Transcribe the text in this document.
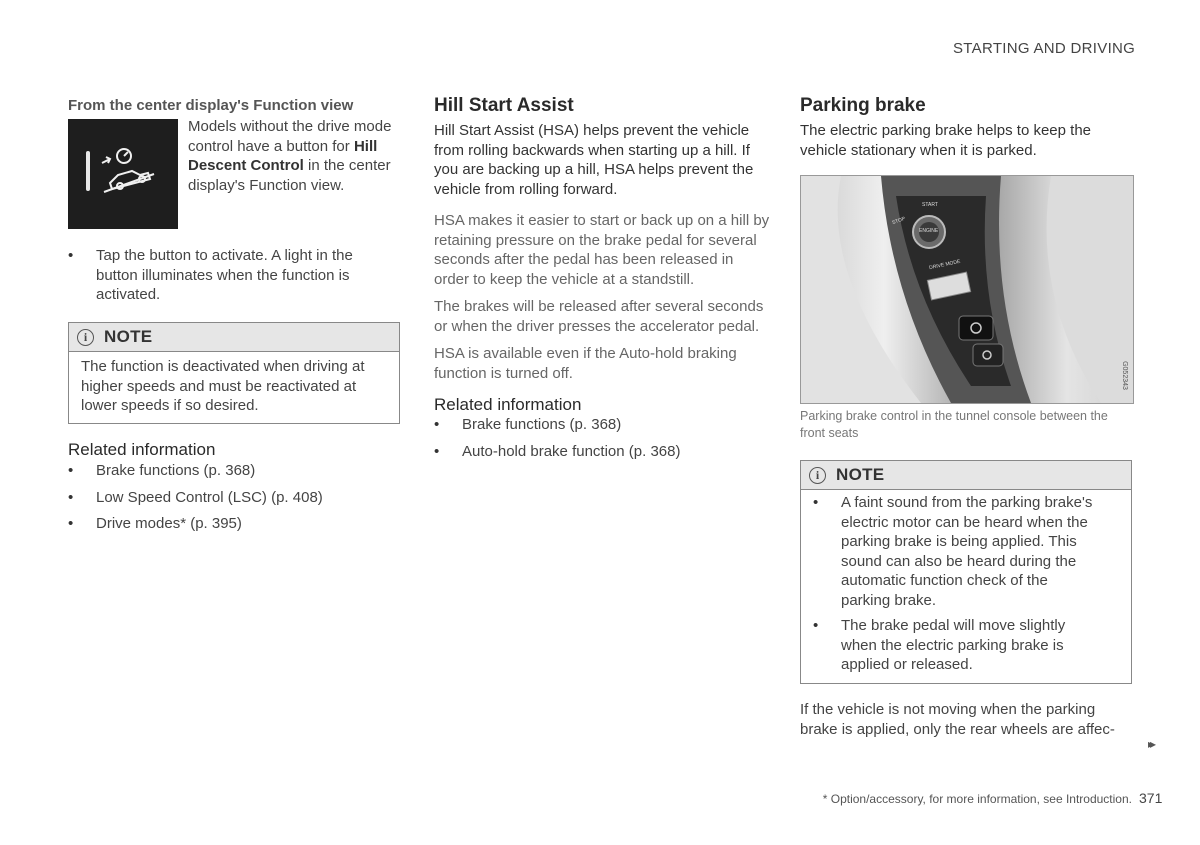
STARTING AND DRIVING
From the center display's Function view
Models without the drive mode control have a button for Hill Descent Control in the center display's Function view.
• Tap the button to activate. A light in the button illuminates when the function is activated.
i NOTE

The function is deactivated when driving at higher speeds and must be reactivated at lower speeds if so desired.

Related information
• Brake functions (p. 368)
• Low Speed Control (LSC) (p. 408)
• Drive modes* (p. 395)
Hill Start Assist

Hill Start Assist (HSA) helps prevent the vehicle from rolling backwards when starting up a hill. If you are backing up a hill, HSA helps prevent the vehicle from rolling forward.

HSA makes it easier to start or back up on a hill by retaining pressure on the brake pedal for several seconds after the pedal has been released in order to keep the vehicle at a standstill.

The brakes will be released after several seconds or when the driver presses the accelerator pedal.

HSA is available even if the Auto-hold braking function is turned off.

Related information
• Brake functions (p. 368)
• Auto-hold brake function (p. 368)
Parking brake

The electric parking brake helps to keep the vehicle stationary when it is parked.

STOP
START
ENGINE
DRIVE MODE
G052343

Parking brake control in the tunnel console between the front seats

i NOTE
• A faint sound from the parking brake's electric motor can be heard when the parking brake is being applied. This sound can also be heard during the automatic function check of the parking brake.
• The brake pedal will move slightly when the electric parking brake is applied or released.

If the vehicle is not moving when the parking brake is applied, only the rear wheels are affec-

▸▸
* Option/accessory, for more information, see Introduction. 371
